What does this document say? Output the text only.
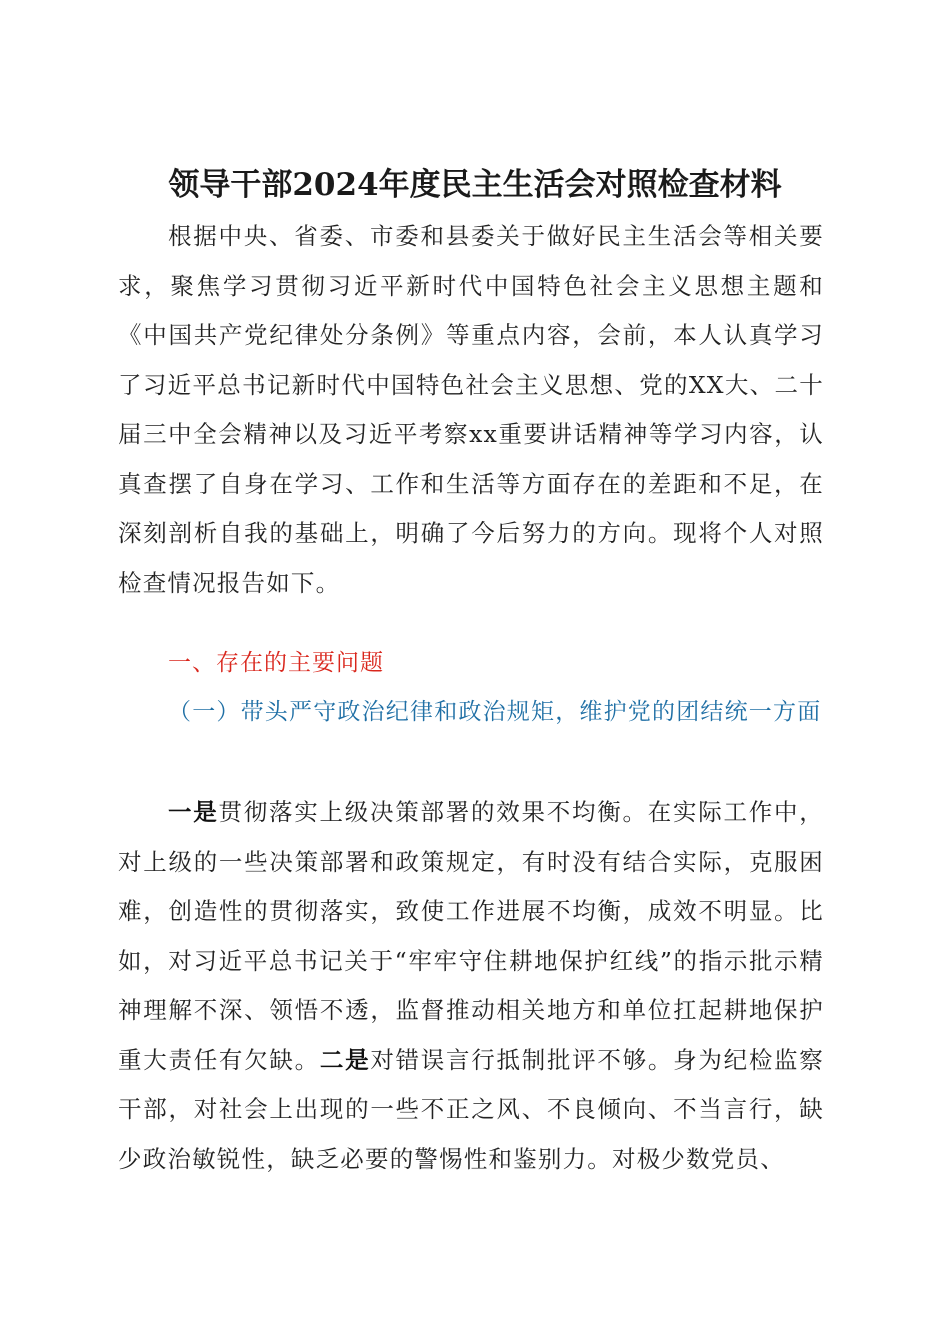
领导干部2024年度民主生活会对照检查材料
根据中央、省委、市委和县委关于做好民主生活会等相关要求，聚焦学习贯彻习近平新时代中国特色社会主义思想主题和《中国共产党纪律处分条例》等重点内容，会前，本人认真学习了习近平总书记新时代中国特色社会主义思想、党的XX大、二十届三中全会精神以及习近平考察xx重要讲话精神等学习内容，认真查摆了自身在学习、工作和生活等方面存在的差距和不足，在深刻剖析自我的基础上，明确了今后努力的方向。现将个人对照检查情况报告如下。
一、存在的主要问题
（一）带头严守政治纪律和政治规矩，维护党的团结统一方面
一是贯彻落实上级决策部署的效果不均衡。在实际工作中，对上级的一些决策部署和政策规定，有时没有结合实际，克服困难，创造性的贯彻落实，致使工作进展不均衡，成效不明显。比如，对习近平总书记关于“牢牢守住耕地保护红线”的指示批示精神理解不深、领悟不透，监督推动相关地方和单位扛起耕地保护重大责任有欠缺。二是对错误言行抵制批评不够。身为纪检监察干部，对社会上出现的一些不正之风、不良倾向、不当言行，缺少政治敏锐性，缺乏必要的警惕性和鉴别力。对极少数党员、
